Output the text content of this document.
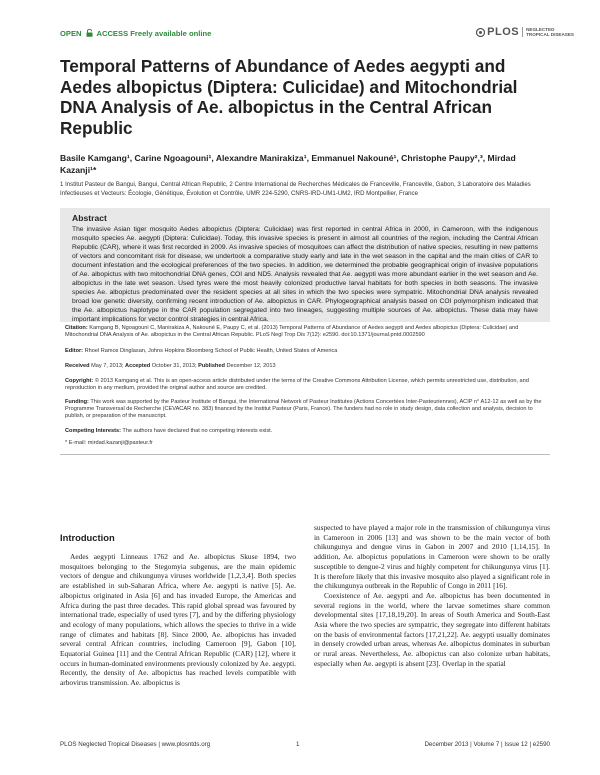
OPEN ACCESS Freely available online	PLOS	NEGLECTED
TROPICAL DISEASES
Temporal Patterns of Abundance of Aedes aegypti and Aedes albopictus (Diptera: Culicidae) and Mitochondrial DNA Analysis of Ae. albopictus in the Central African Republic
Basile Kamgang¹, Carine Ngoagouni¹, Alexandre Manirakiza¹, Emmanuel Nakouné¹, Christophe Paupy²,³, Mirdad Kazanji¹*
1 Institut Pasteur de Bangui, Bangui, Central African Republic, 2 Centre International de Recherches Médicales de Franceville, Franceville, Gabon, 3 Laboratoire des Maladies Infectieuses et Vecteurs: Écologie, Génétique, Évolution et Contrôle, UMR 224-5290, CNRS-IRD-UM1-UM2, IRD Montpellier, France
Abstract
The invasive Asian tiger mosquito Aedes albopictus (Diptera: Culicidae) was first reported in central Africa in 2000, in Cameroon, with the indigenous mosquito species Ae. aegypti (Diptera: Culicidae). Today, this invasive species is present in almost all countries of the region, including the Central African Republic (CAR), where it was first recorded in 2009. As invasive species of mosquitoes can affect the distribution of native species, resulting in new patterns of vectors and concomitant risk for disease, we undertook a comparative study early and late in the wet season in the capital and the main cities of CAR to document infestation and the ecological preferences of the two species. In addition, we determined the probable geographical origin of invasive populations of Ae. albopictus with two mitochondrial DNA genes, COI and ND5. Analysis revealed that Ae. aegypti was more abundant earlier in the wet season and Ae. albopictus in the late wet season. Used tyres were the most heavily colonized productive larval habitats for both species in both seasons. The invasive species Ae. albopictus predominated over the resident species at all sites in which the two species were sympatric. Mitochondrial DNA analysis revealed broad low genetic diversity, confirming recent introduction of Ae. albopictus in CAR. Phylogeographical analysis based on COI polymorphism indicated that the Ae. albopictus haplotype in the CAR population segregated into two lineages, suggesting multiple sources of Ae. albopictus. These data may have important implications for vector control strategies in central Africa.
Citation: Kamgang B, Ngoagouni C, Manirakiza A, Nakouné E, Paupy C, et al. (2013) Temporal Patterns of Abundance of Aedes aegypti and Aedes albopictus (Diptera: Culicidae) and Mitochondrial DNA Analysis of Ae. albopictus in the Central African Republic. PLoS Negl Trop Dis 7(12): e2590. doi:10.1371/journal.pntd.0002590
Editor: Rhoel Ramos Dinglasan, Johns Hopkins Bloomberg School of Public Health, United States of America
Received May 7, 2013; Accepted October 31, 2013; Published December 12, 2013
Copyright: © 2013 Kamgang et al. This is an open-access article distributed under the terms of the Creative Commons Attribution License, which permits unrestricted use, distribution, and reproduction in any medium, provided the original author and source are credited.
Funding: This work was supported by the Pasteur Institute of Bangui, the International Network of Pasteur Institutes (Actions Concertées Inter-Pasteuriennes), ACIP n° A12-12 as well as by the Programme Transversal de Recherche (CEVACAR no. 383) financed by the Institut Pasteur (Paris, France). The funders had no role in study design, data collection and analysis, decision to publish, or preparation of the manuscript.
Competing Interests: The authors have declared that no competing interests exist.
* E-mail: mirdad.kazanji@pasteur.fr
Introduction
Aedes aegypti Linneaus 1762 and Ae. albopictus Skuse 1894, two mosquitoes belonging to the Stegomyia subgenus, are the main epidemic vectors of dengue and chikungunya viruses worldwide [1,2,3,4]. Both species are established in sub-Saharan Africa, where Ae. aegypti is native [5]. Ae. albopictus originated in Asia [6] and has invaded Europe, the Americas and Africa during the past three decades. This rapid global spread was favoured by international trade, especially of used tyres [7], and by the differing physiology and ecology of many populations, which allows the species to thrive in a wide range of climates and habitats [8]. Since 2000, Ae. albopictus has invaded several central African countries, including Cameroon [9], Gabon [10], Equatorial Guinea [11] and the Central African Republic (CAR) [12], where it occurs in human-dominated environments previously colonized by Ae. aegypti. Recently, the density of Ae. albopictus has reached levels compatible with arbovirus transmission. Ae. albopictus is

suspected to have played a major role in the transmission of chikungunya virus in Cameroon in 2006 [13] and was shown to be the main vector of both chikungunya and dengue virus in Gabon in 2007 and 2010 [1,14,15]. In addition, Ae. albopictus populations in Cameroon were shown to be orally susceptible to dengue-2 virus and highly competent for chikungunya virus [1]. It is therefore likely that this invasive mosquito also played a significant role in the chikungunya outbreak in the Republic of Congo in 2011 [16].

Coexistence of Ae. aegypti and Ae. albopictus has been documented in several regions in the world, where the larvae sometimes share common developmental sites [17,18,19,20]. In areas of South America and South-East Asia where the two species are sympatric, they segregate into different habitats on the basis of environmental factors [17,21,22]. Ae. aegypti usually dominates in densely crowded urban areas, whereas Ae. albopictus dominates in suburban or rural areas. Nevertheless, Ae. albopictus can also colonize urban habitats, especially when Ae. aegypti is absent [23]. Overlap in the spatial

PLOS Neglected Tropical Diseases | www.plosntds.org	1	December 2013 | Volume 7 | Issue 12 | e2590
